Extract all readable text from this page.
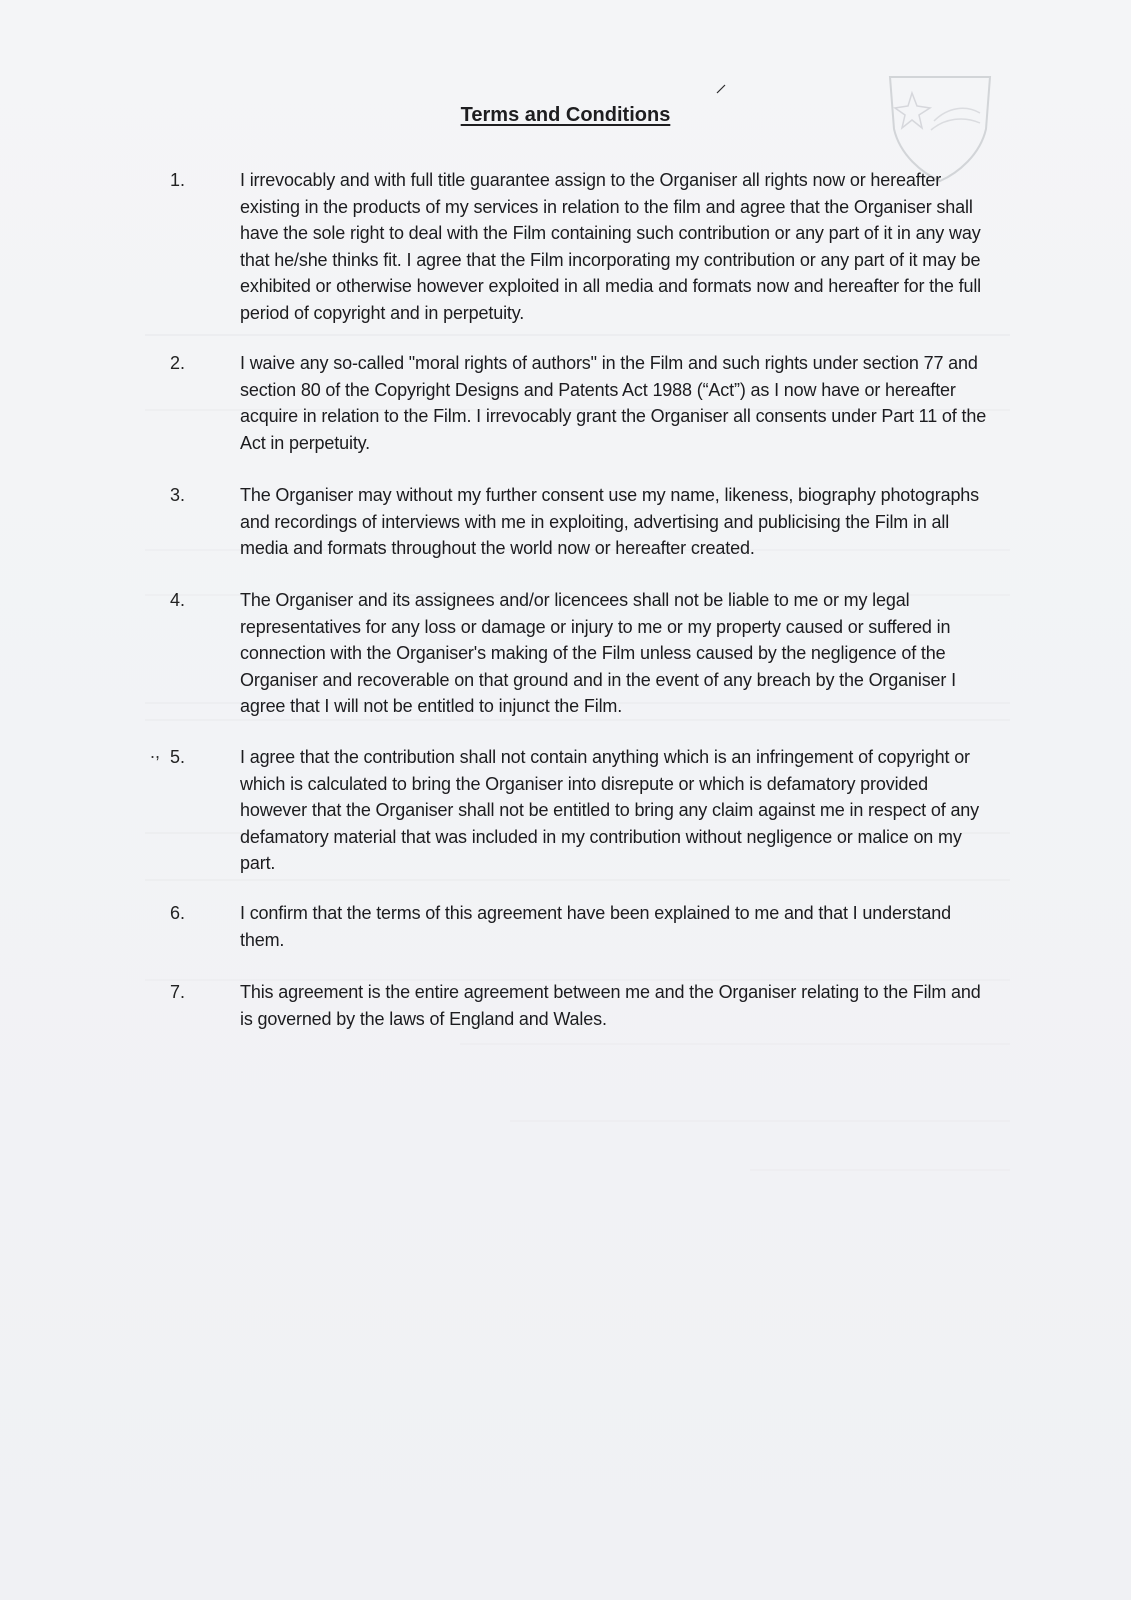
.,
Terms and Conditions
1.	I irrevocably and with full title guarantee assign to the Organiser all rights now or hereafter existing in the products of my services in relation to the film and agree that the Organiser shall have the sole right to deal with the Film containing such contribution or any part of it in any way that he/she thinks fit. I agree that the Film incorporating my contribution or any part of it may be exhibited or otherwise however exploited in all media and formats now and hereafter for the full period of copyright and in perpetuity.
2.	I waive any so-called "moral rights of authors" in the Film and such rights under section 77 and section 80 of the Copyright Designs and Patents Act 1988 (“Act”) as I now have or hereafter acquire in relation to the Film. I irrevocably grant the Organiser all consents under Part 11 of the Act in perpetuity.
3.	The Organiser may without my further consent use my name, likeness, biography photographs and recordings of interviews with me in exploiting, advertising and publicising the Film in all media and formats throughout the world now or hereafter created.
4.	The Organiser and its assignees and/or licencees shall not be liable to me or my legal representatives for any loss or damage or injury to me or my property caused or suffered in connection with the Organiser's making of the Film unless caused by the negligence of the Organiser and recoverable on that ground and in the event of any breach by the Organiser I agree that I will not be entitled to injunct the Film.
5.	I agree that the contribution shall not contain anything which is an infringement of copyright or which is calculated to bring the Organiser into disrepute or which is defamatory provided however that the Organiser shall not be entitled to bring any claim against me in respect of any defamatory material that was included in my contribution without negligence or malice on my part.
6.	I confirm that the terms of this agreement have been explained to me and that I understand them.
7.	This agreement is the entire agreement between me and the Organiser relating to the Film and is governed by the laws of England and Wales.
